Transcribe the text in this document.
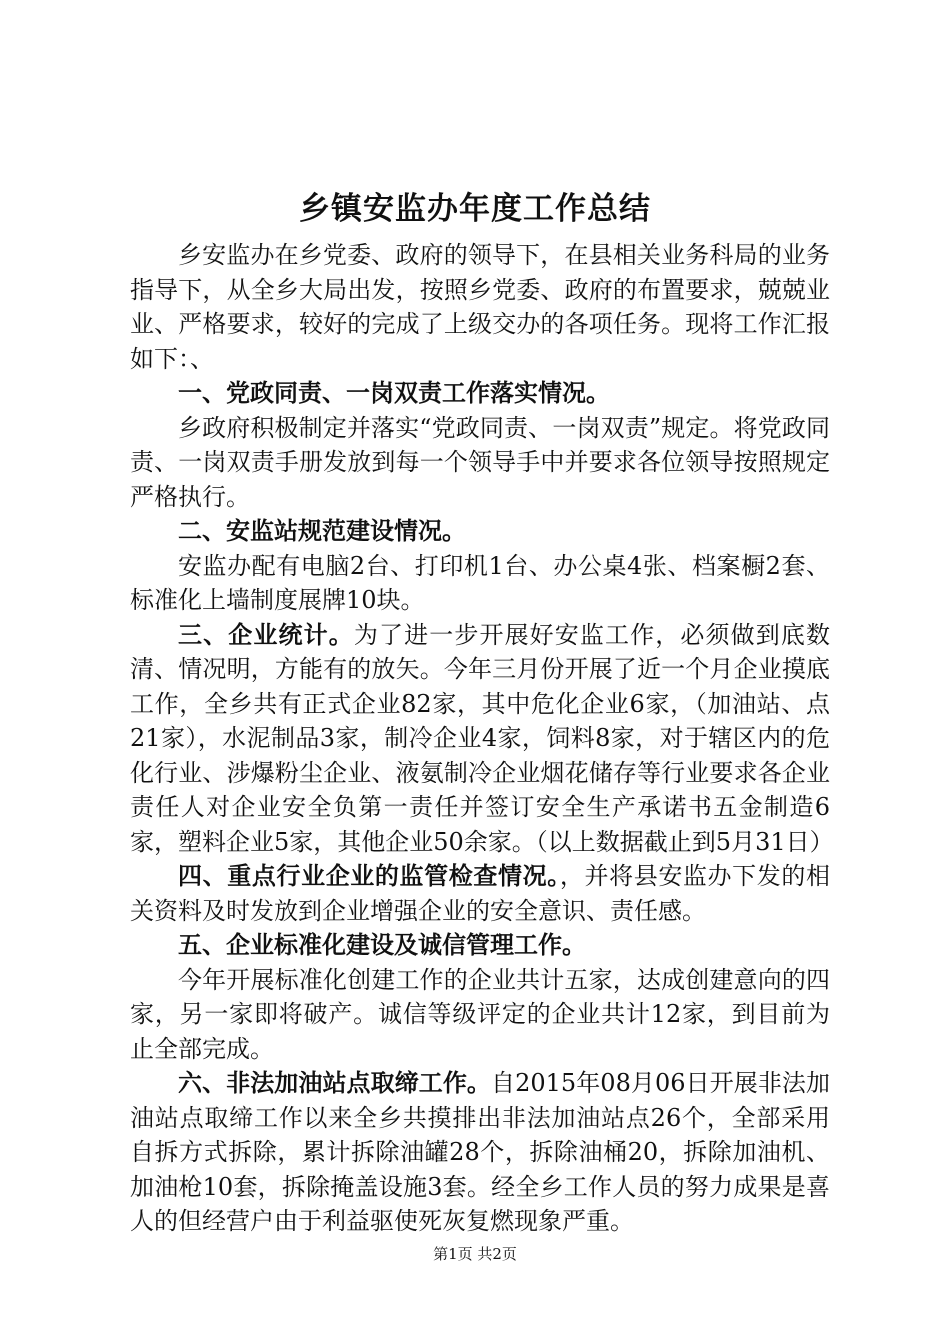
乡镇安监办年度工作总结

乡安监办在乡党委、政府的领导下，在县相关业务科局的业务指导下，从全乡大局出发，按照乡党委、政府的布置要求，兢兢业业、严格要求，较好的完成了上级交办的各项任务。现将工作汇报如下：、

一、党政同责、一岗双责工作落实情况。

乡政府积极制定并落实“党政同责、一岗双责”规定。将党政同责、一岗双责手册发放到每一个领导手中并要求各位领导按照规定严格执行。

二、安监站规范建设情况。

安监办配有电脑2台、打印机1台、办公桌4张、档案橱2套、标准化上墙制度展牌10块。

三、企业统计。为了进一步开展好安监工作，必须做到底数清、情况明，方能有的放矢。今年三月份开展了近一个月企业摸底工作，全乡共有正式企业82家，其中危化企业6家，（加油站、点21家），水泥制品3家，制冷企业4家，饲料8家，对于辖区内的危化行业、涉爆粉尘企业、液氨制冷企业烟花储存等行业要求各企业责任人对企业安全负第一责任并签订安全生产承诺书五金制造6家，塑料企业5家，其他企业50余家。（以上数据截止到5月31日）

四、重点行业企业的监管检查情况。，并将县安监办下发的相关资料及时发放到企业增强企业的安全意识、责任感。

五、企业标准化建设及诚信管理工作。

今年开展标准化创建工作的企业共计五家，达成创建意向的四家，另一家即将破产。诚信等级评定的企业共计12家，到目前为止全部完成。

六、非法加油站点取缔工作。自2015年08月06日开展非法加油站点取缔工作以来全乡共摸排出非法加油站点26个，全部采用自拆方式拆除，累计拆除油罐28个，拆除油桶20，拆除加油机、加油枪10套，拆除掩盖设施3套。经全乡工作人员的努力成果是喜人的但经营户由于利益驱使死灰复燃现象严重。

第1页 共2页
